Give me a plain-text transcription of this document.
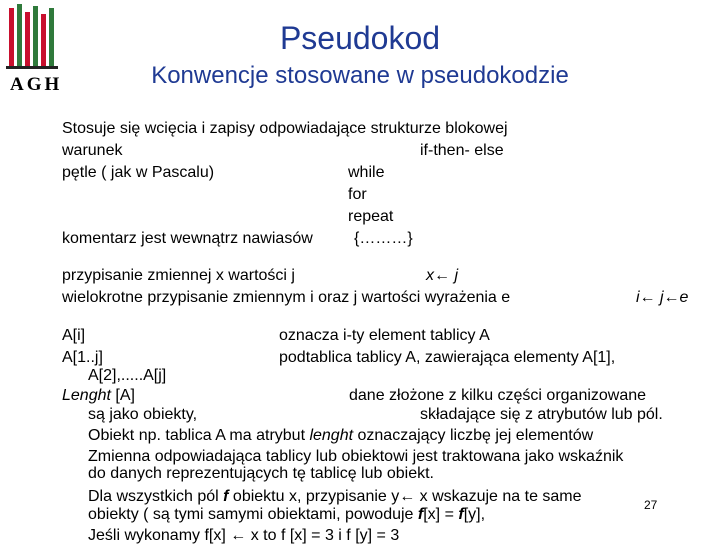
AGH
Pseudokod
Konwencje stosowane w pseudokodzie
Stosuje się wcięcia i zapisy odpowiadające strukturze blokowej
warunek	if-then- else
pętle ( jak w Pascalu)	while
for
repeat
komentarz jest wewnątrz nawiasów	{………}
przypisanie zmiennej x wartości j	x← j
wielokrotne przypisanie zmiennym i oraz j wartości wyrażenia e	i← j←e
A[i]	oznacza i-ty element tablicy A
A[1..j]	podtablica tablicy A, zawierająca elementy A[1],
A[2],.....A[j]
Lenght [A]	dane złożone z kilku części organizowane
są jako obiekty,	składające się z atrybutów lub pól.
Obiekt np. tablica A ma atrybut lenght oznaczający liczbę jej elementów
Zmienna odpowiadająca tablicy lub obiektowi jest traktowana jako wskaźnik
do danych reprezentujących tę tablicę lub obiekt.
Dla wszystkich pól f obiektu x, przypisanie y← x wskazuje na te same
obiekty ( są tymi samymi obiektami, powoduje f[x] = f[y],
Jeśli wykonamy f[x] ← x to f [x] = 3 i f [y] = 3
27
